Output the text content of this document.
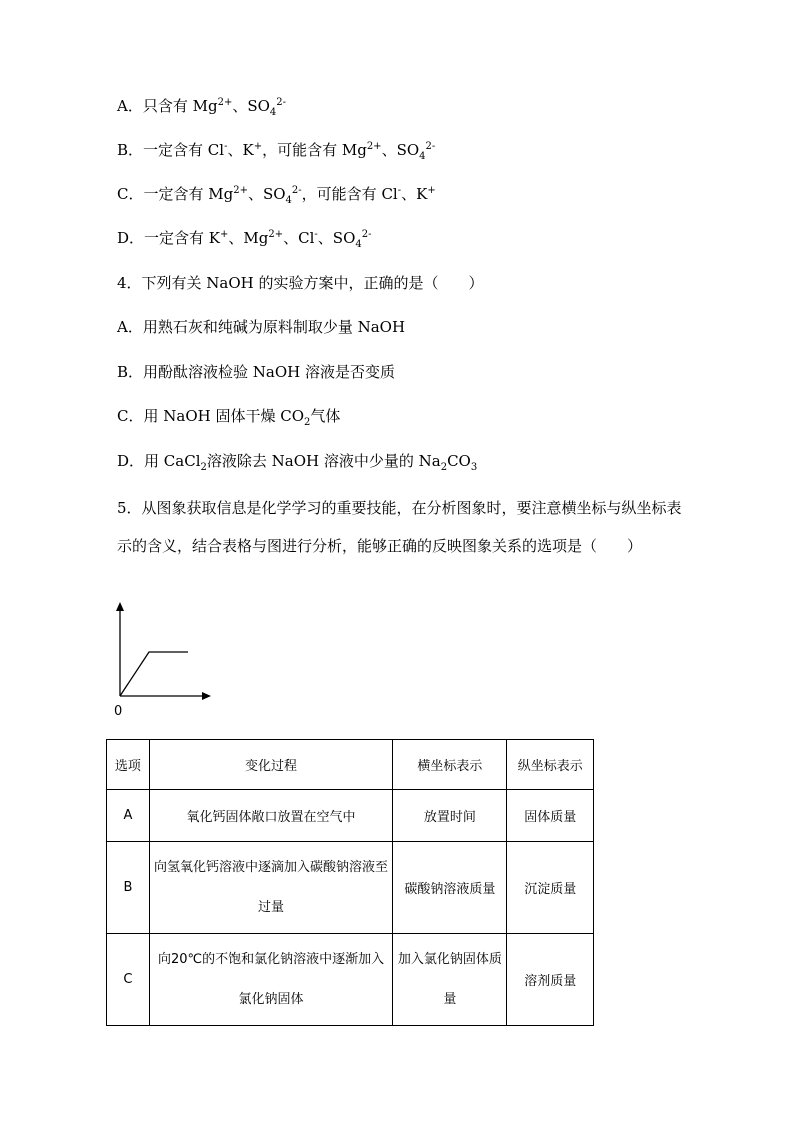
A．只含有 $Mg^{2+}$、$SO_4^{2-}$
B．一定含有 Cl-、K+，可能含有 $Mg^{2+}$、$SO_4^{2-}$
C．一定含有 $Mg^{2+}$、$SO_4^{2-}$，可能含有 Cl-、K+
D．一定含有 K+、$Mg^{2+}$、Cl-、$SO_4^{2-}$
4．下列有关 NaOH 的实验方案中，正确的是（　　）
A．用熟石灰和纯碱为原料制取少量 NaOH
B．用酚酞溶液检验 NaOH 溶液是否变质
C．用 NaOH 固体干燥 $CO_2$气体
D．用 CaCl$_2$溶液除去 NaOH 溶液中少量的 $Na_2CO_3$
5．从图象获取信息是化学学习的重要技能，在分析图象时，要注意横坐标与纵坐标表示的含义，结合表格与图进行分析，能够正确的反映图象关系的选项是（　　）
0
选项	变化过程	横坐标表示	纵坐标表示
A	氧化钙固体敞口放置在空气中	放置时间	固体质量
B	向氢氧化钙溶液中逐滴加入碳酸钠溶液至过量	碳酸钠溶液质量	沉淀质量
C	向20℃的不饱和氯化钠溶液中逐渐加入氯化钠固体	加入氯化钠固体质量	溶剂质量
